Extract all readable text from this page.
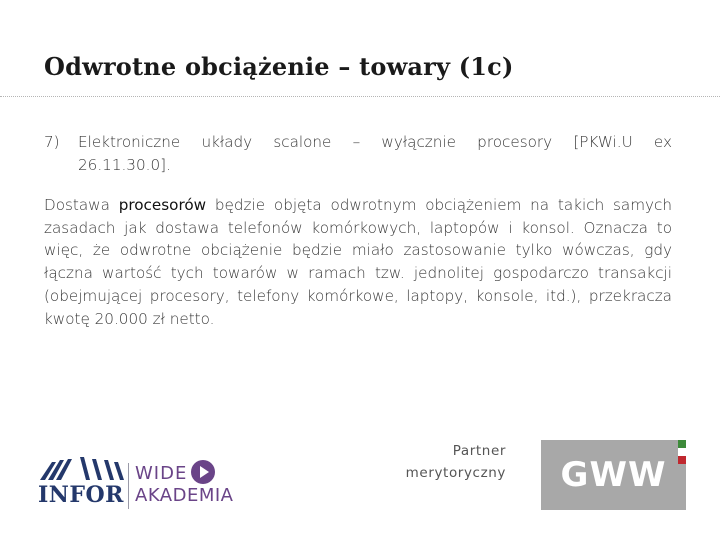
Odwrotne obciążenie – towary (1c)
7)	Elektroniczne układy scalone – wyłącznie procesory [PKWi.U ex
26.11.30.0].
Dostawa procesorów będzie objęta odwrotnym obciążeniem na takich samych zasadach jak dostawa telefonów komórkowych, laptopów i konsol. Oznacza to więc, że odwrotne obciążenie będzie miało zastosowanie tylko wówczas, gdy łączna wartość tych towarów w ramach tzw. jednolitej gospodarczo transakcji (obejmującej procesory, telefony komórkowe, laptopy, konsole, itd.), przekracza kwotę 20.000 zł netto.
INFOR
WIDE
AKADEMIA
Partner
merytoryczny GWW
